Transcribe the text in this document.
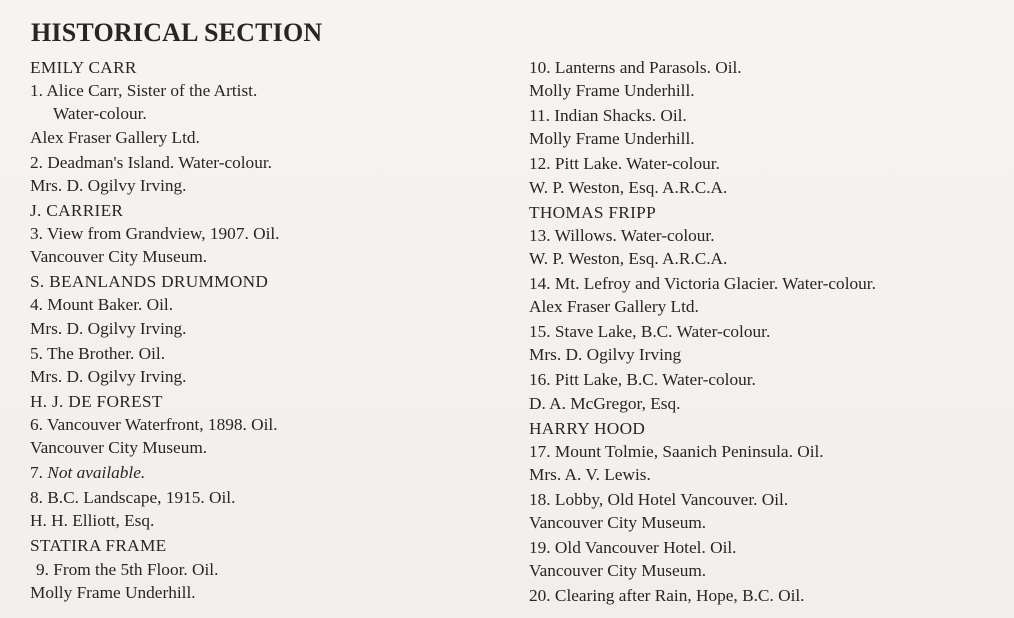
HISTORICAL SECTION
EMILY CARR
1. Alice Carr, Sister of the Artist.
Water-colour.
Alex Fraser Gallery Ltd.
2. Deadman's Island. Water-colour.
Mrs. D. Ogilvy Irving.
J. CARRIER
3. View from Grandview, 1907. Oil.
Vancouver City Museum.
S. BEANLANDS DRUMMOND
4. Mount Baker. Oil.
Mrs. D. Ogilvy Irving.
5. The Brother. Oil.
Mrs. D. Ogilvy Irving.
H. J. DE FOREST
6. Vancouver Waterfront, 1898. Oil.
Vancouver City Museum.
7. Not available.
8. B.C. Landscape, 1915. Oil.
H. H. Elliott, Esq.
STATIRA FRAME
9. From the 5th Floor. Oil.
Molly Frame Underhill.
10. Lanterns and Parasols. Oil.
Molly Frame Underhill.
11. Indian Shacks. Oil.
Molly Frame Underhill.
12. Pitt Lake. Water-colour.
W. P. Weston, Esq. A.R.C.A.
THOMAS FRIPP
13. Willows. Water-colour.
W. P. Weston, Esq. A.R.C.A.
14. Mt. Lefroy and Victoria Glacier. Water-colour.
Alex Fraser Gallery Ltd.
15. Stave Lake, B.C. Water-colour.
Mrs. D. Ogilvy Irving
16. Pitt Lake, B.C. Water-colour.
D. A. McGregor, Esq.
HARRY HOOD
17. Mount Tolmie, Saanich Peninsula. Oil.
Mrs. A. V. Lewis.
18. Lobby, Old Hotel Vancouver. Oil.
Vancouver City Museum.
19. Old Vancouver Hotel. Oil.
Vancouver City Museum.
20. Clearing after Rain, Hope, B.C. Oil.
